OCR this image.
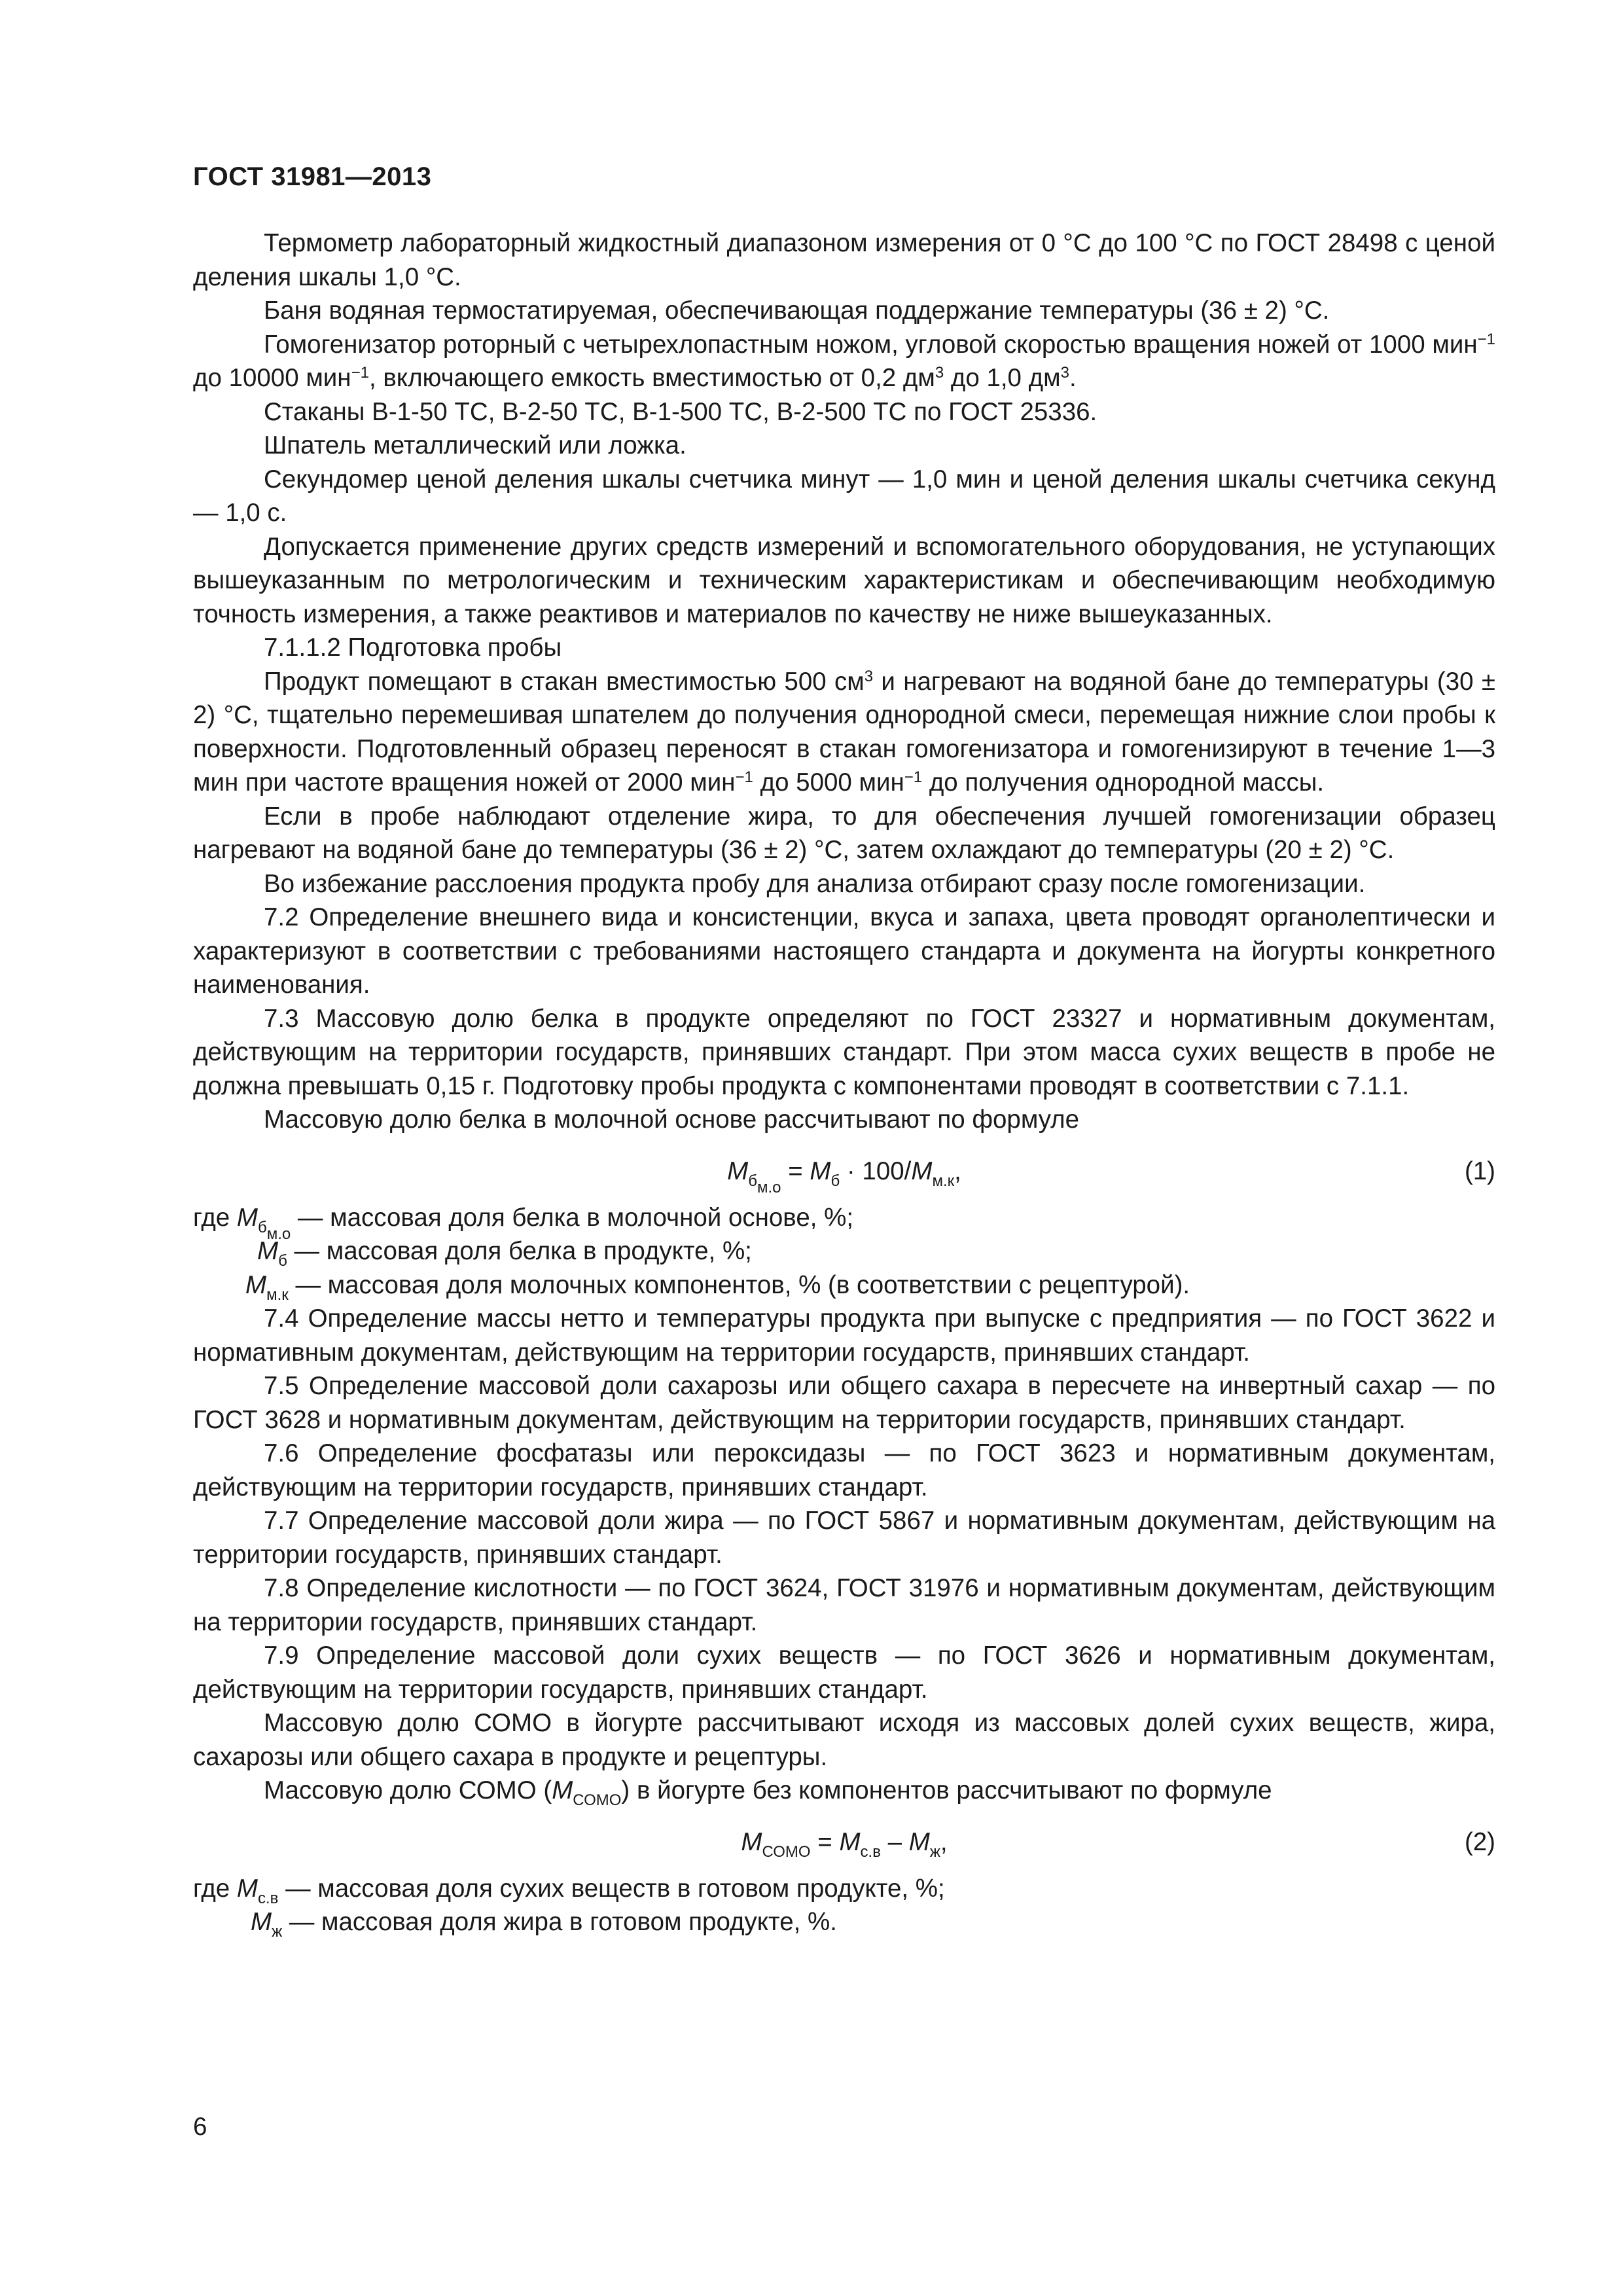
ГОСТ 31981—2013

Термометр лабораторный жидкостный диапазоном измерения от 0 °С до 100 °С по ГОСТ 28498 с ценой деления шкалы 1,0 °С.

Баня водяная термостатируемая, обеспечивающая поддержание температуры (36 ± 2) °С.

Гомогенизатор роторный с четырехлопастным ножом, угловой скоростью вращения ножей от 1000 мин$^{-1}$ до 10000 мин$^{-1}$, включающего емкость вместимостью от 0,2 $дм^3$ до 1,0 $дм^3$.

Стаканы В-1-50 ТС, В-2-50 ТС, В-1-500 ТС, В-2-500 ТС по ГОСТ 25336.

Шпатель металлический или ложка.

Секундомер ценой деления шкалы счетчика минут — 1,0 мин и ценой деления шкалы счетчика секунд — 1,0 с.

Допускается применение других средств измерений и вспомогательного оборудования, не уступающих вышеуказанным по метрологическим и техническим характеристикам и обеспечивающим необходимую точность измерения, а также реактивов и материалов по качеству не ниже вышеуказанных.

7.1.1.2 Подготовка пробы

Продукт помещают в стакан вместимостью 500 $см^3$ и нагревают на водяной бане до температуры (30 ± 2) °С, тщательно перемешивая шпателем до получения однородной смеси, перемещая нижние слои пробы к поверхности. Подготовленный образец переносят в стакан гомогенизатора и гомогенизируют в течение 1—3 мин при частоте вращения ножей от 2000 мин$^{-1}$ до 5000 мин$^{-1}$ до получения однородной массы.

Если в пробе наблюдают отделение жира, то для обеспечения лучшей гомогенизации образец нагревают на водяной бане до температуры (36 ± 2) °С, затем охлаждают до температуры (20 ± 2) °С.

Во избежание расслоения продукта пробу для анализа отбирают сразу после гомогенизации.

7.2 Определение внешнего вида и консистенции, вкуса и запаха, цвета проводят органолептически и характеризуют в соответствии с требованиями настоящего стандарта и документа на йогурты конкретного наименования.

7.3 Массовую долю белка в продукте определяют по ГОСТ 23327 и нормативным документам, действующим на территории государств, принявших стандарт. При этом масса сухих веществ в пробе не должна превышать 0,15 г. Подготовку пробы продукта с компонентами проводят в соответствии с 7.1.1.

Массовую долю белка в молочной основе рассчитывают по формуле

$М_{б_{м.о}} = М_б \cdot 100/М_{м.к}$,	(1)

где $М_{б_{м.о}}$ — массовая доля белка в молочной основе, %;

$М_б$ — массовая доля белка в продукте, %;

$М_{м.к}$ — массовая доля молочных компонентов, % (в соответствии с рецептурой).

7.4 Определение массы нетто и температуры продукта при выпуске с предприятия — по ГОСТ 3622 и нормативным документам, действующим на территории государств, принявших стандарт.

7.5 Определение массовой доли сахарозы или общего сахара в пересчете на инвертный сахар — по ГОСТ 3628 и нормативным документам, действующим на территории государств, принявших стандарт.

7.6 Определение фосфатазы или пероксидазы — по ГОСТ 3623 и нормативным документам, действующим на территории государств, принявших стандарт.

7.7 Определение массовой доли жира — по ГОСТ 5867 и нормативным документам, действующим на территории государств, принявших стандарт.

7.8 Определение кислотности — по ГОСТ 3624, ГОСТ 31976 и нормативным документам, действующим на территории государств, принявших стандарт.

7.9 Определение массовой доли сухих веществ — по ГОСТ 3626 и нормативным документам, действующим на территории государств, принявших стандарт.

Массовую долю СОМО в йогурте рассчитывают исходя из массовых долей сухих веществ, жира, сахарозы или общего сахара в продукте и рецептуры.

Массовую долю СОМО $(М_{СОМО})$ в йогурте без компонентов рассчитывают по формуле

$М_{СОМО} = М_{с.в} - М_ж$,	(2)

где $М_{с.в}$ — массовая доля сухих веществ в готовом продукте, %;

$М_ж$ — массовая доля жира в готовом продукте, %.

6
